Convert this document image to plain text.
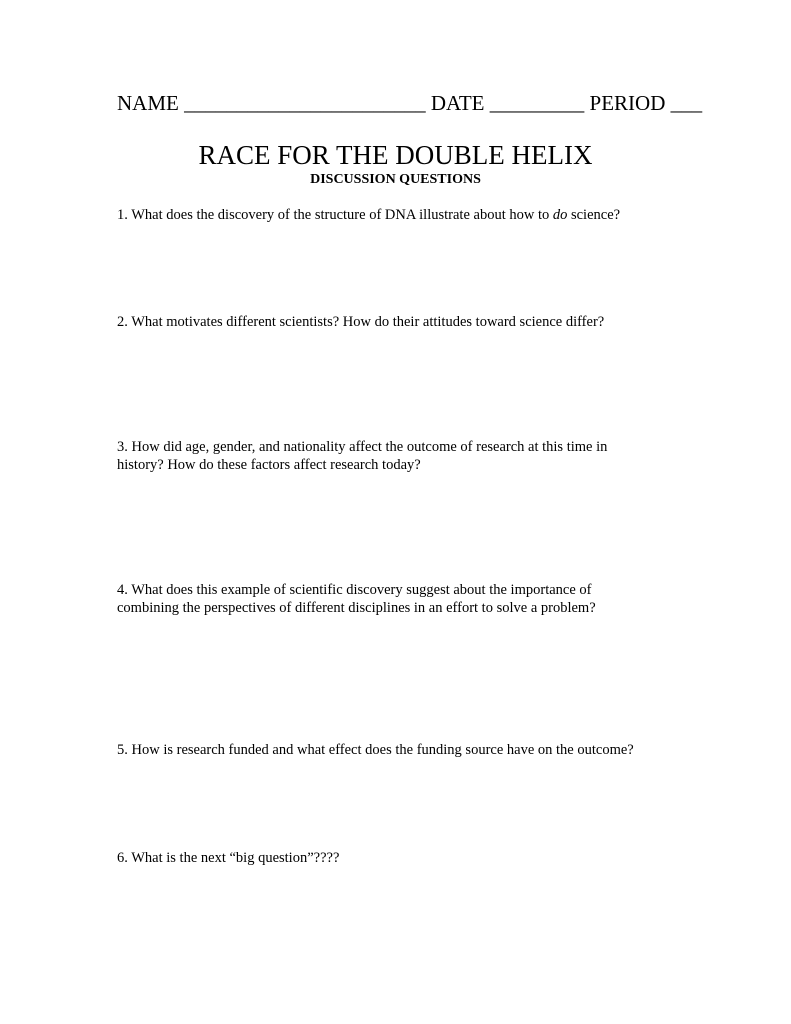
NAME _______________________ DATE _________ PERIOD ___
RACE FOR THE DOUBLE HELIX
DISCUSSION QUESTIONS

1. What does the discovery of the structure of DNA illustrate about how to do science?

2. What motivates different scientists? How do their attitudes toward science differ?

3. How did age, gender, and nationality affect the outcome of research at this time in

history? How do these factors affect research today?

4. What does this example of scientific discovery suggest about the importance of

combining the perspectives of different disciplines in an effort to solve a problem?

5. How is research funded and what effect does the funding source have on the outcome?

6. What is the next “big question”????
